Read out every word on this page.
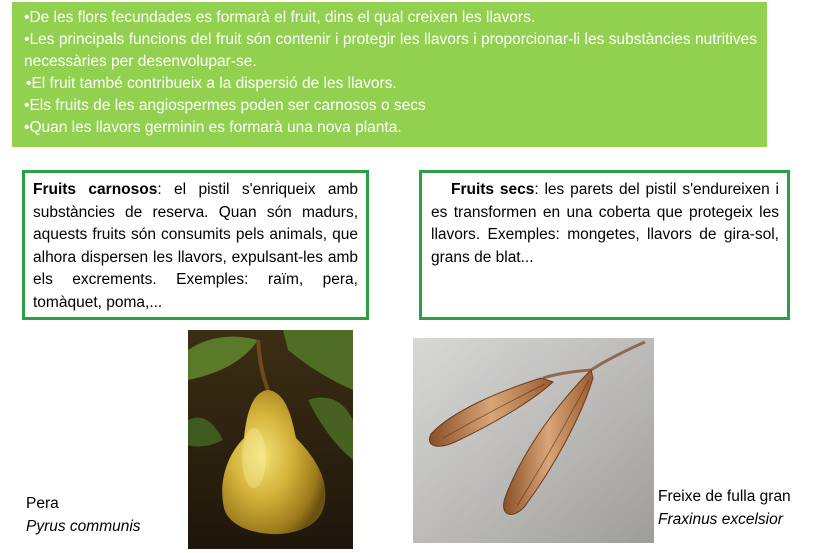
• De les flors fecundades es formarà el fruit, dins el qual creixen les llavors.
• Les principals funcions del fruit són contenir i protegir les llavors i proporcionar-li les substàncies nutritives necessàries per desenvolupar-se.
• El fruit també contribueix a la dispersió de les llavors.
• Els fruits de les angiospermes poden ser carnosos o secs
• Quan les llavors germinin es formarà una nova planta.
Fruits carnosos: el pistil s'enriqueix amb substàncies de reserva. Quan són madurs, aquests fruits són consumits pels animals, que alhora dispersen les llavors, expulsant-les amb els excrements. Exemples: raïm, pera, tomàquet, poma,...
Fruits secs: les parets del pistil s'endureixen i es transformen en una coberta que protegeix les llavors. Exemples: mongetes, llavors de gira-sol, grans de blat...
Pera
Pyrus communis
Freixe de fulla gran
Fraxinus excelsior
